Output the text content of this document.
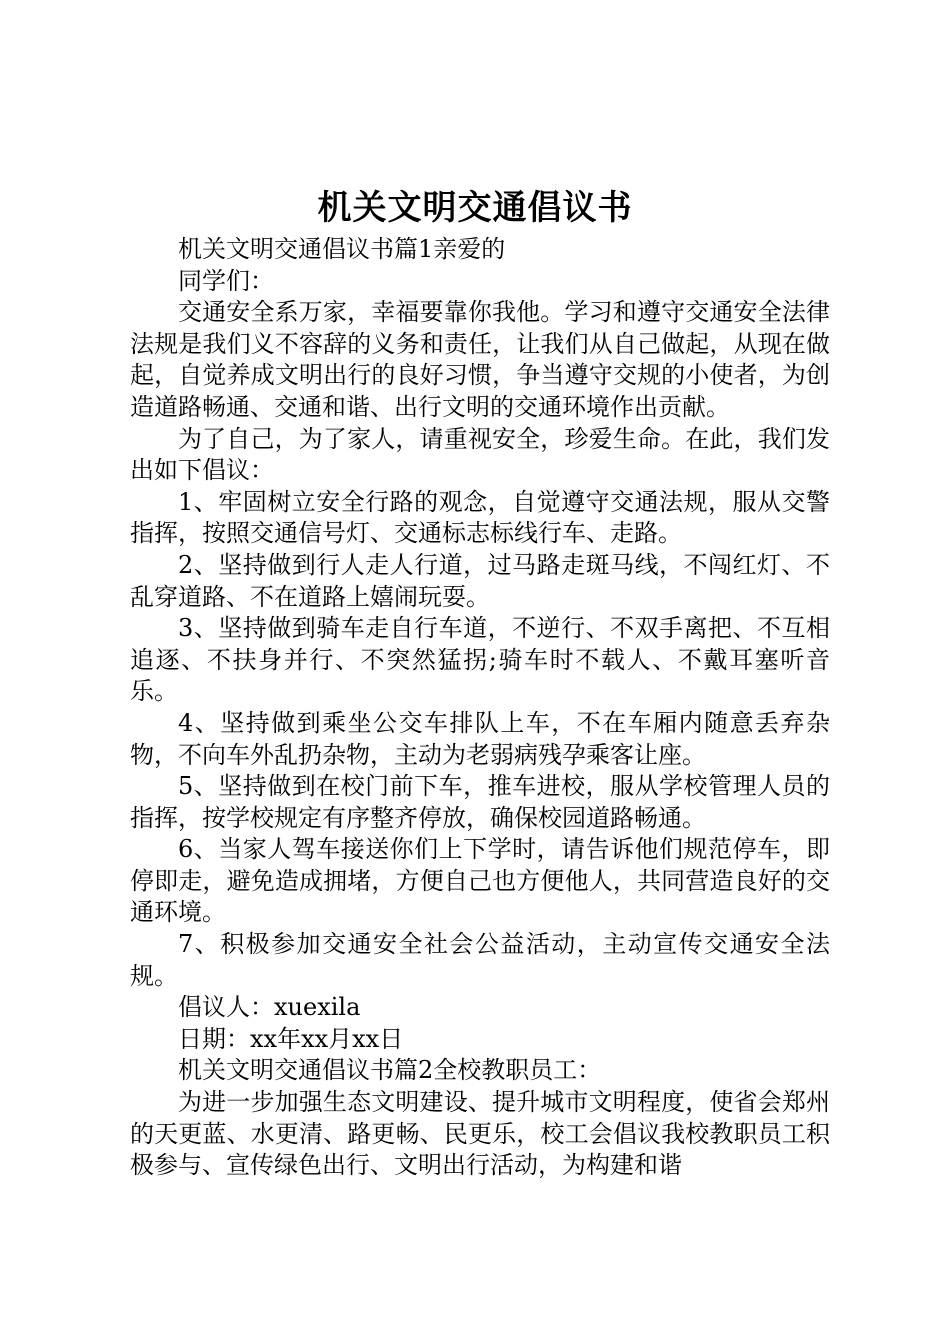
机关文明交通倡议书

机关文明交通倡议书篇1亲爱的

同学们：

交通安全系万家，幸福要靠你我他。学习和遵守交通安全法律法规是我们义不容辞的义务和责任，让我们从自己做起，从现在做起，自觉养成文明出行的良好习惯，争当遵守交规的小使者，为创造道路畅通、交通和谐、出行文明的交通环境作出贡献。

为了自己，为了家人，请重视安全，珍爱生命。在此，我们发出如下倡议：

1、牢固树立安全行路的观念，自觉遵守交通法规，服从交警指挥，按照交通信号灯、交通标志标线行车、走路。

2、坚持做到行人走人行道，过马路走斑马线，不闯红灯、不乱穿道路、不在道路上嬉闹玩耍。

3、坚持做到骑车走自行车道，不逆行、不双手离把、不互相追逐、不扶身并行、不突然猛拐;骑车时不载人、不戴耳塞听音乐。

4、坚持做到乘坐公交车排队上车，不在车厢内随意丢弃杂物，不向车外乱扔杂物，主动为老弱病残孕乘客让座。

5、坚持做到在校门前下车，推车进校，服从学校管理人员的指挥，按学校规定有序整齐停放，确保校园道路畅通。

6、当家人驾车接送你们上下学时，请告诉他们规范停车，即停即走，避免造成拥堵，方便自己也方便他人，共同营造良好的交通环境。

7、积极参加交通安全社会公益活动，主动宣传交通安全法规。

倡议人：xuexila

日期：xx年xx月xx日

机关文明交通倡议书篇2全校教职员工：

为进一步加强生态文明建设、提升城市文明程度，使省会郑州的天更蓝、水更清、路更畅、民更乐，校工会倡议我校教职员工积极参与、宣传绿色出行、文明出行活动，为构建和谐
